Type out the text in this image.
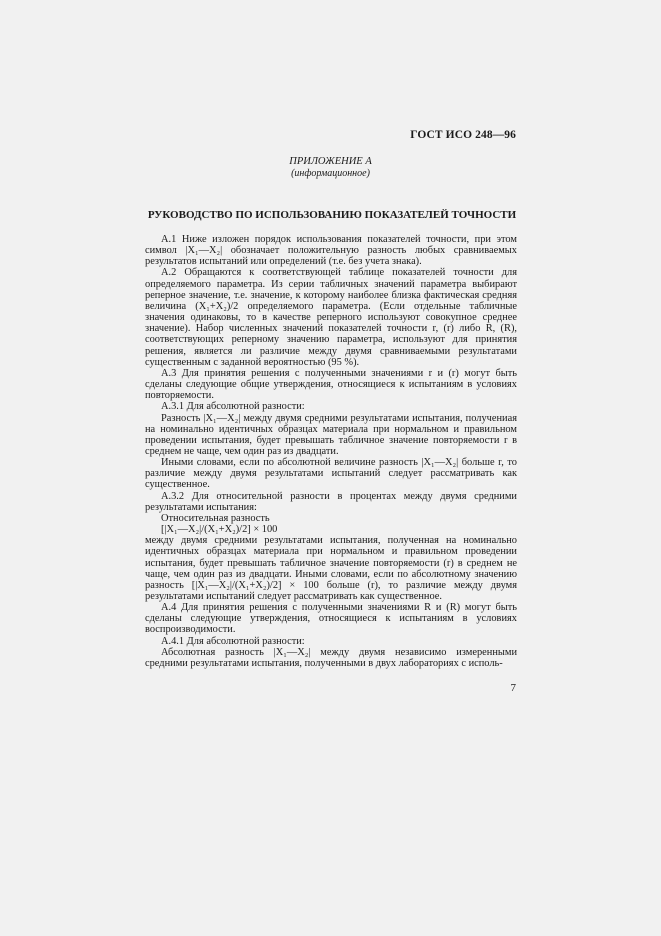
ГОСТ ИСО 248—96
ПРИЛОЖЕНИЕ А
(информационное)
РУКОВОДСТВО ПО ИСПОЛЬЗОВАНИЮ ПОКАЗАТЕЛЕЙ ТОЧНОСТИ

А.1 Ниже изложен порядок использования показателей точности, при этом символ |X₁—X₂| обозначает положительную разность любых сравниваемых результатов испытаний или определений (т.е. без учета знака).

А.2 Обращаются к соответствующей таблице показателей точности для определяемого параметра. Из серии табличных значений параметра выбирают реперное значение, т.е. значение, к которому наиболее близка фактическая средняя величина (X₁+X₂)/2 определяемого параметра. (Если отдельные табличные значения одинаковы, то в качестве реперного используют совокупное среднее значение). Набор численных значений показателей точности r, (r) либо R, (R), соответствующих реперному значению параметра, используют для принятия решения, является ли различие между двумя сравниваемыми результатами существенным с заданной вероятностью (95 %).

А.3 Для принятия решения с полученными значениями r и (r) могут быть сделаны следующие общие утверждения, относящиеся к испытаниям в условиях повторяемости.

А.3.1 Для абсолютной разности:

Разность |X₁—X₂| между двумя средними результатами испытания, получениая на номинально идентичных образцах материала при нормальном и правильном проведении испытания, будет превышать табличное значение повторяемости r в среднем не чаще, чем один раз из двадцати.

Иными словами, если по абсолютной величине разность |X₁—X₂| больше r, то различие между двумя результатами испытаний следует рассматривать как существенное.

А.3.2 Для относительной разности в процентах между двумя средними результатами испытания:

Относительная разность

[|X₁—X₂|/(X₁+X₂)/2] × 100

между двумя средними результатами испытания, полученная на номинально идентичных образцах материала при нормальном и правильном проведении испытания, будет превышать табличное значение повторяемости (r) в среднем не чаще, чем один раз из двадцати. Иными словами, если по абсолютному значению разность [|X₁—X₂|/(X₁+X₂)/2] × 100 больше (r), то различие между двумя результатами испытаний следует рассматривать как существенное.

А.4 Для принятия решения с полученными значениями R и (R) могут быть сделаны следующие утверждения, относящиеся к испытаниям в условиях воспроизводимости.

А.4.1 Для абсолютной разности:

Абсолютная разность |X₁—X₂| между двумя независимо измеренными средними результатами испытания, полученными в двух лабораториях с исполь-

7
